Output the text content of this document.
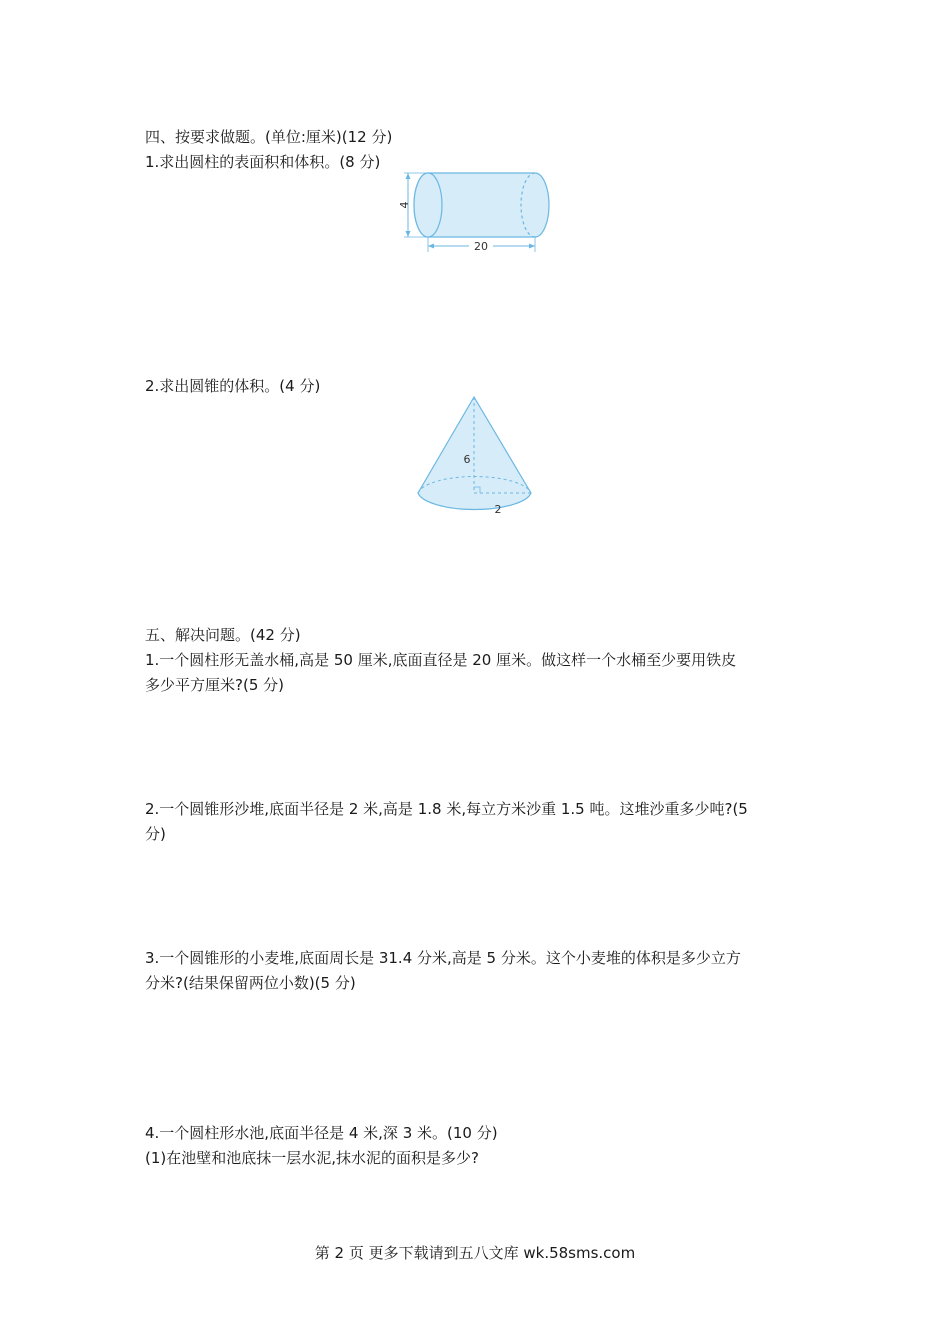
四、按要求做题。(单位:厘米)(12 分)
1.求出圆柱的表面积和体积。(8 分)
4
20
2.求出圆锥的体积。(4 分)
6
2
五、解决问题。(42 分)
1.一个圆柱形无盖水桶,高是 50 厘米,底面直径是 20 厘米。做这样一个水桶至少要用铁皮
多少平方厘米?(5 分)
2.一个圆锥形沙堆,底面半径是 2 米,高是 1.8 米,每立方米沙重 1.5 吨。这堆沙重多少吨?(5
分)
3.一个圆锥形的小麦堆,底面周长是 31.4 分米,高是 5 分米。这个小麦堆的体积是多少立方
分米?(结果保留两位小数)(5 分)
4.一个圆柱形水池,底面半径是 4 米,深 3 米。(10 分)
(1)在池壁和池底抹一层水泥,抹水泥的面积是多少?
第 2 页 更多下载请到五八文库 wk.58sms.com
